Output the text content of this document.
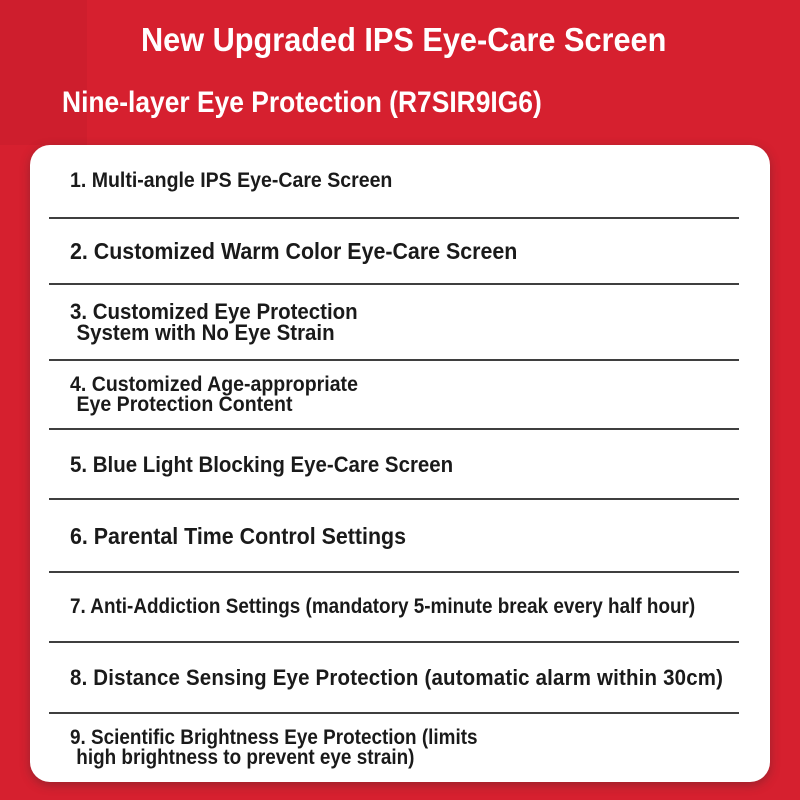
New Upgraded IPS Eye-Care Screen
Nine-layer Eye Protection (R7SIR9IG6)
1. Multi-angle IPS Eye-Care Screen
2. Customized Warm Color Eye-Care Screen
3. Customized Eye Protection
System with No Eye Strain
4. Customized Age-appropriate
Eye Protection Content
5. Blue Light Blocking Eye-Care Screen
6. Parental Time Control Settings
7. Anti-Addiction Settings (mandatory 5-minute break every half hour)
8. Distance Sensing Eye Protection (automatic alarm within 30cm)
9. Scientific Brightness Eye Protection (limits
high brightness to prevent eye strain)
